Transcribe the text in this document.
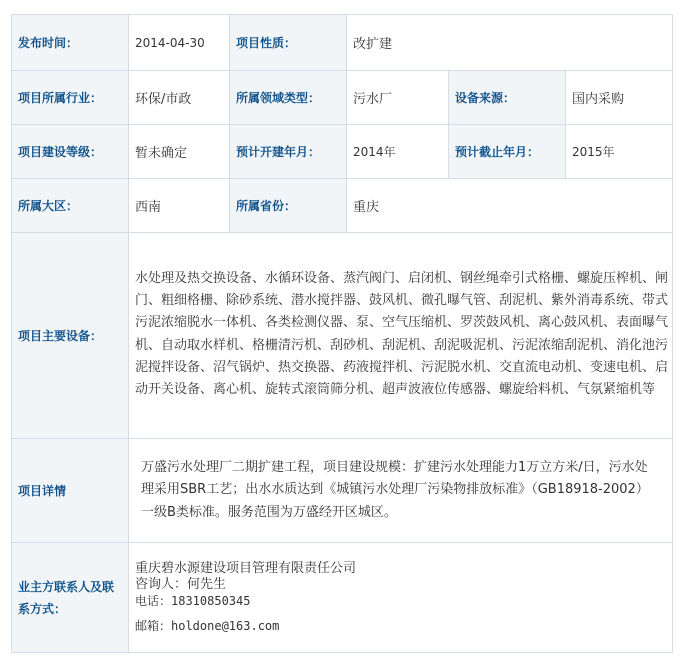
发布时间：	2014-04-30	项目性质：	改扩建		
项目所属行业：	环保/市政	所属领域类型：	污水厂	设备来源：	国内采购
项目建设等级：	暂未确定	预计开建年月：	2014年	预计截止年月：	2015年
所属大区：	西南	所属省份：	重庆		
项目主要设备：	水处理及热交换设备、水循环设备、蒸汽阀门、启闭机、钢丝绳牵引式格栅、螺旋压榨机、闸门、粗细格栅、除砂系统、潜水搅拌器、鼓风机、微孔曝气管、刮泥机、紫外消毒系统、带式污泥浓缩脱水一体机、各类检测仪器、泵、空气压缩机、罗茨鼓风机、离心鼓风机、表面曝气机、自动取水样机、格栅清污机、刮砂机、刮泥机、刮泥吸泥机、污泥浓缩刮泥机、消化池污泥搅拌设备、沼气锅炉、热交换器、药液搅拌机、污泥脱水机、交直流电动机、变速电机、启动开关设备、离心机、旋转式滚筒筛分机、超声波液位传感器、螺旋给料机、气氛紧缩机等				
项目详情	万盛污水处理厂二期扩建工程，项目建设规模：扩建污水处理能力1万立方米/日，污水处理采用SBR工艺；出水水质达到《城镇污水处理厂污染物排放标准》（GB18918-2002）一级B类标准。服务范围为万盛经开区城区。				
业主方联系人及联系方式：	重庆碧水源建设项目管理有限责任公司
咨询人：何先生
电话：18310850345
邮箱：holdone@163.com				
